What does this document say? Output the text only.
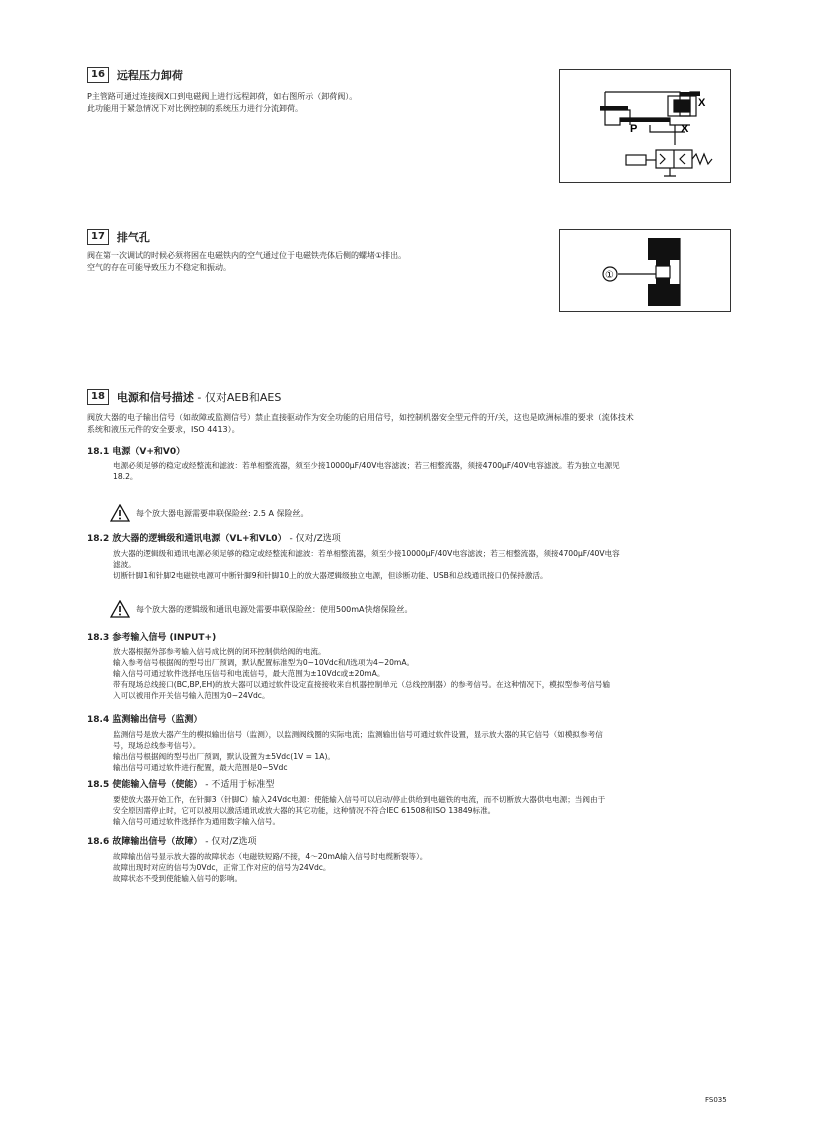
16	远程压力卸荷

P主管路可通过连接阀X口到电磁阀上进行远程卸荷，如右图所示（卸荷阀）。

此功能用于紧急情况下对比例控制的系统压力进行分流卸荷。	X
P	X
17	排气孔

阀在第一次调试的时候必须将困在电磁铁内的空气通过位于电磁铁壳体后侧的螺堵①排出。

空气的存在可能导致压力不稳定和振动。

①
18	电源和信号描述 - 仅对AEB和AES

阀放大器的电子输出信号（如故障或监测信号）禁止直接驱动作为安全功能的启用信号，如控制机器安全型元件的开/关，这也是欧洲标准的要求（流体技术

系统和液压元件的安全要求，ISO 4413）。

18.1 电源（V+和V0）

电源必须足够的稳定或经整流和滤波：若单相整流器，须至少接10000μF/40V电容滤波；若三相整流器，须接4700μF/40V电容滤波。若为独立电源见

18.2。

每个放大器电源需要串联保险丝: 2.5 A 保险丝。
18.2 放大器的逻辑级和通讯电源（VL+和VL0） - 仅对/Z选项

放大器的逻辑级和通讯电源必须足够的稳定或经整流和滤波：若单相整流器，须至少接10000μF/40V电容滤波；若三相整流器，须接4700μF/40V电容

滤波。

切断针脚1和针脚2电磁铁电源可中断针脚9和针脚10上的放大器逻辑级独立电源，但诊断功能、USB和总线通讯接口仍保持激活。

每个放大器的逻辑级和通讯电源处需要串联保险丝：使用500mA快熔保险丝。
18.3 参考输入信号 (INPUT+)

放大器根据外部参考输入信号成比例的闭环控制供给阀的电流。

输入参考信号根据阀的型号出厂预调，默认配置标准型为0~10Vdc和/I选项为4~20mA。

输入信号可通过软件选择电压信号和电流信号，最大范围为±10Vdc或±20mA。

带有现场总线接口(BC,BP,EH)的放大器可以通过软件设定直接接收来自机器控制单元（总线控制器）的参考信号。在这种情况下，模拟型参考信号输

入可以被用作开关信号输入范围为0~24Vdc。

18.4 监测输出信号（监测）

监测信号是放大器产生的模拟输出信号（监测），以监测阀线圈的实际电流；监测输出信号可通过软件设置，显示放大器的其它信号（如模拟参考信

号，现场总线参考信号）。

输出信号根据阀的型号出厂预调，默认设置为±5Vdc(1V = 1A)。

输出信号可通过软件进行配置，最大范围是0~5Vdc

18.5 使能输入信号（使能） - 不适用于标准型

要使放大器开始工作，在针脚3（针脚C）输入24Vdc电源：使能输入信号可以启动/停止供给到电磁铁的电流，而不切断放大器供电电源；当阀由于

安全原因需停止时，它可以被用以激活通讯或放大器的其它功能，这种情况不符合IEC 61508和ISO 13849标准。

输入信号可通过软件选择作为通用数字输入信号。

18.6 故障输出信号（故障） - 仅对/Z选项

故障输出信号显示放大器的故障状态（电磁铁短路/不接，4～20mA输入信号时电缆断裂等）。

故障出现时对应的信号为0Vdc，正常工作对应的信号为24Vdc。

故障状态不受到使能输入信号的影响。

FS035
